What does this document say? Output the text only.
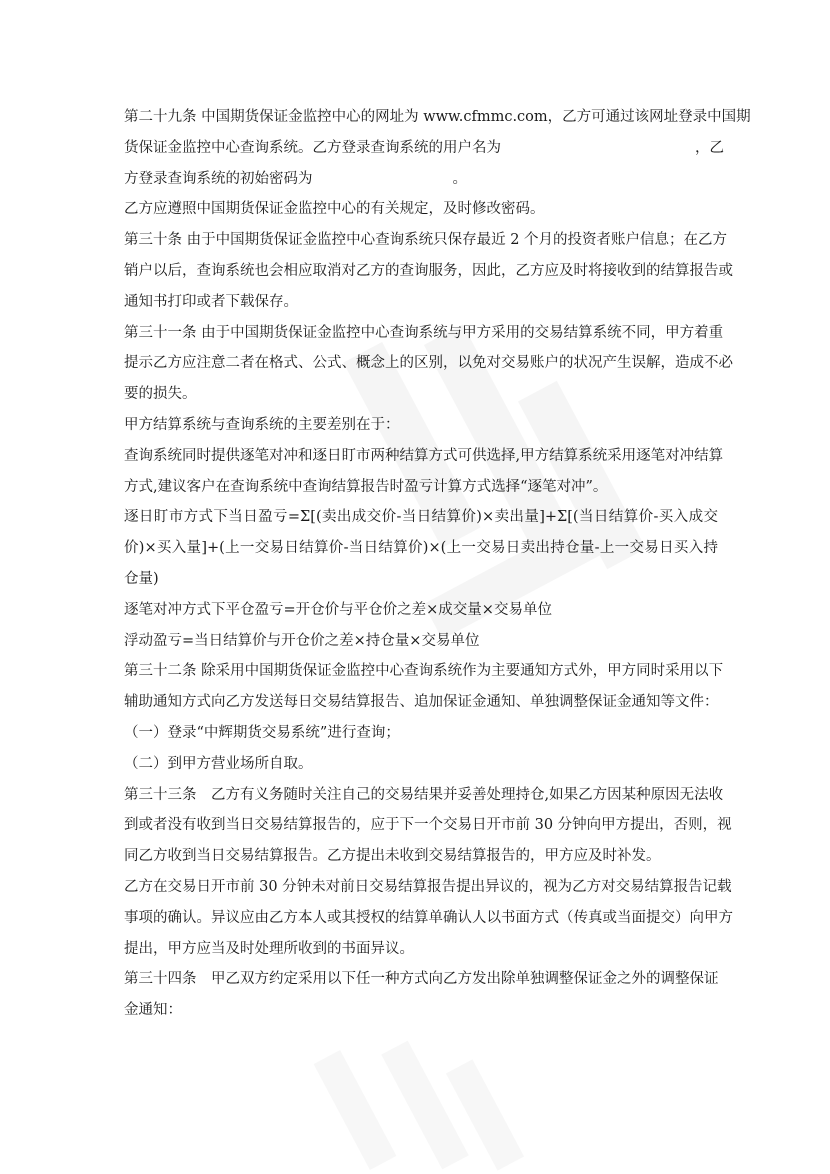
第二十九条 中国期货保证金监控中心的网址为 www.cfmmc.com，乙方可通过该网址登录中国期
货保证金监控中心查询系统。乙方登录查询系统的用户名为	，乙
方登录查询系统的初始密码为	。
乙方应遵照中国期货保证金监控中心的有关规定，及时修改密码。
第三十条 由于中国期货保证金监控中心查询系统只保存最近 2 个月的投资者账户信息；在乙方
销户以后，查询系统也会相应取消对乙方的查询服务，因此，乙方应及时将接收到的结算报告或
通知书打印或者下载保存。
第三十一条 由于中国期货保证金监控中心查询系统与甲方采用的交易结算系统不同，甲方着重
提示乙方应注意二者在格式、公式、概念上的区别，以免对交易账户的状况产生误解，造成不必
要的损失。
甲方结算系统与查询系统的主要差别在于：
查询系统同时提供逐笔对冲和逐日盯市两种结算方式可供选择,甲方结算系统采用逐笔对冲结算
方式,建议客户在查询系统中查询结算报告时盈亏计算方式选择“逐笔对冲”。
逐日盯市方式下当日盈亏=Σ[(卖出成交价-当日结算价)×卖出量]+Σ[(当日结算价-买入成交
价)×买入量]+(上一交易日结算价-当日结算价)×(上一交易日卖出持仓量-上一交易日买入持
仓量)
逐笔对冲方式下平仓盈亏=开仓价与平仓价之差×成交量×交易单位
浮动盈亏=当日结算价与开仓价之差×持仓量×交易单位
第三十二条 除采用中国期货保证金监控中心查询系统作为主要通知方式外，甲方同时采用以下
辅助通知方式向乙方发送每日交易结算报告、追加保证金通知、单独调整保证金通知等文件：
（一）登录“中辉期货交易系统”进行查询；
（二）到甲方营业场所自取。
第三十三条　乙方有义务随时关注自己的交易结果并妥善处理持仓,如果乙方因某种原因无法收
到或者没有收到当日交易结算报告的，应于下一个交易日开市前 30 分钟向甲方提出，否则，视
同乙方收到当日交易结算报告。乙方提出未收到交易结算报告的，甲方应及时补发。
乙方在交易日开市前 30 分钟未对前日交易结算报告提出异议的，视为乙方对交易结算报告记载
事项的确认。异议应由乙方本人或其授权的结算单确认人以书面方式（传真或当面提交）向甲方
提出，甲方应当及时处理所收到的书面异议。
第三十四条　甲乙双方约定采用以下任一种方式向乙方发出除单独调整保证金之外的调整保证
金通知：
